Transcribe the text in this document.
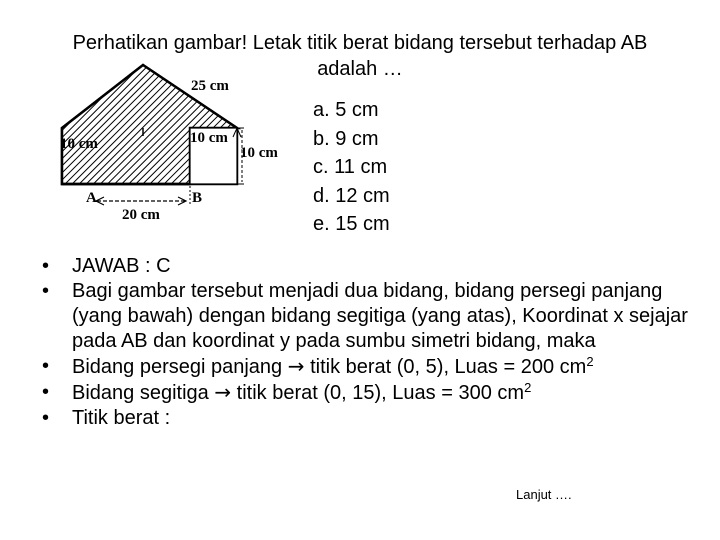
Perhatikan gambar! Letak titik berat bidang tersebut terhadap AB adalah …
25 cm
10 cm	10 cm
10 cm
A	B
20 cm
a. 5 cm
b. 9 cm
c. 11 cm
d. 12 cm
e. 15 cm
• JAWAB : C
• Bagi gambar tersebut menjadi dua bidang, bidang persegi panjang (yang bawah) dengan bidang segitiga (yang atas), Koordinat x sejajar pada AB dan koordinat y pada sumbu simetri bidang, maka
• Bidang persegi panjang → titik berat (0, 5), Luas = 200 $cm^2$
• Bidang segitiga → titik berat (0, 15), Luas = 300 $cm^2$
• Titik berat :
Lanjut ….
